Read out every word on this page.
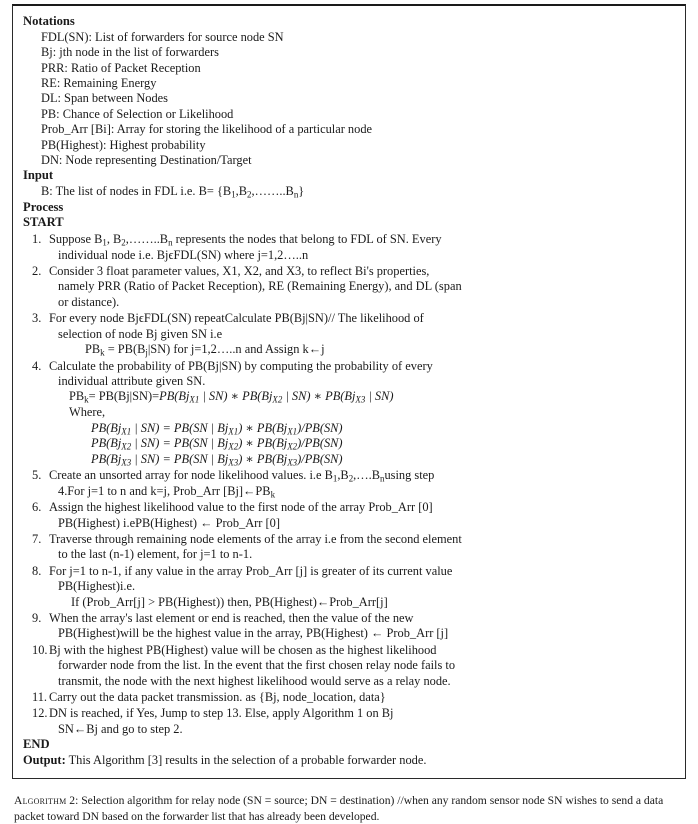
Notations
FDL(SN): List of forwarders for source node SN
Bj: jth node in the list of forwarders
PRR: Ratio of Packet Reception
RE: Remaining Energy
DL: Span between Nodes
PB: Chance of Selection or Likelihood
Prob_Arr [Bi]: Array for storing the likelihood of a particular node
PB(Highest): Highest probability
DN: Node representing Destination/Target
Input
B: The list of nodes in FDL i.e. $B= \{B_1,B_2,\dots\dots..B_n\}$
Process
START
1. Suppose $B_1$, $B_2,\dots\dots..B_n$ represents the nodes that belong to FDL of SN. Every
individual node i.e. BjϵFDL(SN) where j=1,2…..n
2. Consider 3 float parameter values, X1, X2, and X3, to reflect Bi's properties,
namely PRR (Ratio of Packet Reception), RE (Remaining Energy), and DL (span
or distance).
3. For every node BjϵFDL(SN) repeatCalculate PB(Bj|SN)// The likelihood of
selection of node Bj given SN i.e
$PB_k = PB(B_j|SN)$ for j=1,2…..n and Assign k←j
4. Calculate the probability of PB(Bj|SN) by computing the probability of every
individual attribute given SN.
$PB_k= PB(Bj|SN)=PB(Bj_{X1}$ | SN) ∗ $PB(Bj_{X2}$ | SN) ∗ $PB(Bj_{X3}$ | SN)
Where,
$PB(Bj_{X1}$ | SN) = PB(SN | $Bj_{X1}$) ∗ $PB(Bj_{X1})/PB(SN)$
$PB(Bj_{X2}$ | SN) = PB(SN | $Bj_{X2}$) ∗ $PB(Bj_{X2})/PB(SN)$
$PB(Bj_{X3}$ | SN) = PB(SN | $Bj_{X3}$) ∗ $PB(Bj_{X3})/PB(SN)$
5. Create an unsorted array for node likelihood values. i.e $B_1,B_2,\dots.B_nusing$ step
4.For j=1 to n and k=j, Prob_Arr $[Bj]\leftarrow PB_k$
6. Assign the highest likelihood value to the first node of the array Prob_Arr [0]
PB(Highest) i.ePB(Highest) ← Prob_Arr [0]
7. Traverse through remaining node elements of the array i.e from the second element
to the last (n-1) element, for j=1 to n-1.
8. For j=1 to n-1, if any value in the array Prob_Arr [j] is greater of its current value
PB(Highest)i.e.
If (Prob_Arr[j] > PB(Highest)) then, PB(Highest)←Prob_Arr[j]
9. When the array's last element or end is reached, then the value of the new
PB(Highest)will be the highest value in the array, PB(Highest) ← Prob_Arr [j]
10. Bj with the highest PB(Highest) value will be chosen as the highest likelihood
forwarder node from the list. In the event that the first chosen relay node fails to
transmit, the node with the next highest likelihood would serve as a relay node.
11. Carry out the data packet transmission. as {Bj, node_location, data}
12. DN is reached, if Yes, Jump to step 13. Else, apply Algorithm 1 on Bj
SN←Bj and go to step 2.
END
Output: This Algorithm [3] results in the selection of a probable forwarder node.
Algorithm 2: Selection algorithm for relay node (SN = source; DN = destination) //when any random sensor node SN wishes to send a data packet toward DN based on the forwarder list that has already been developed.
